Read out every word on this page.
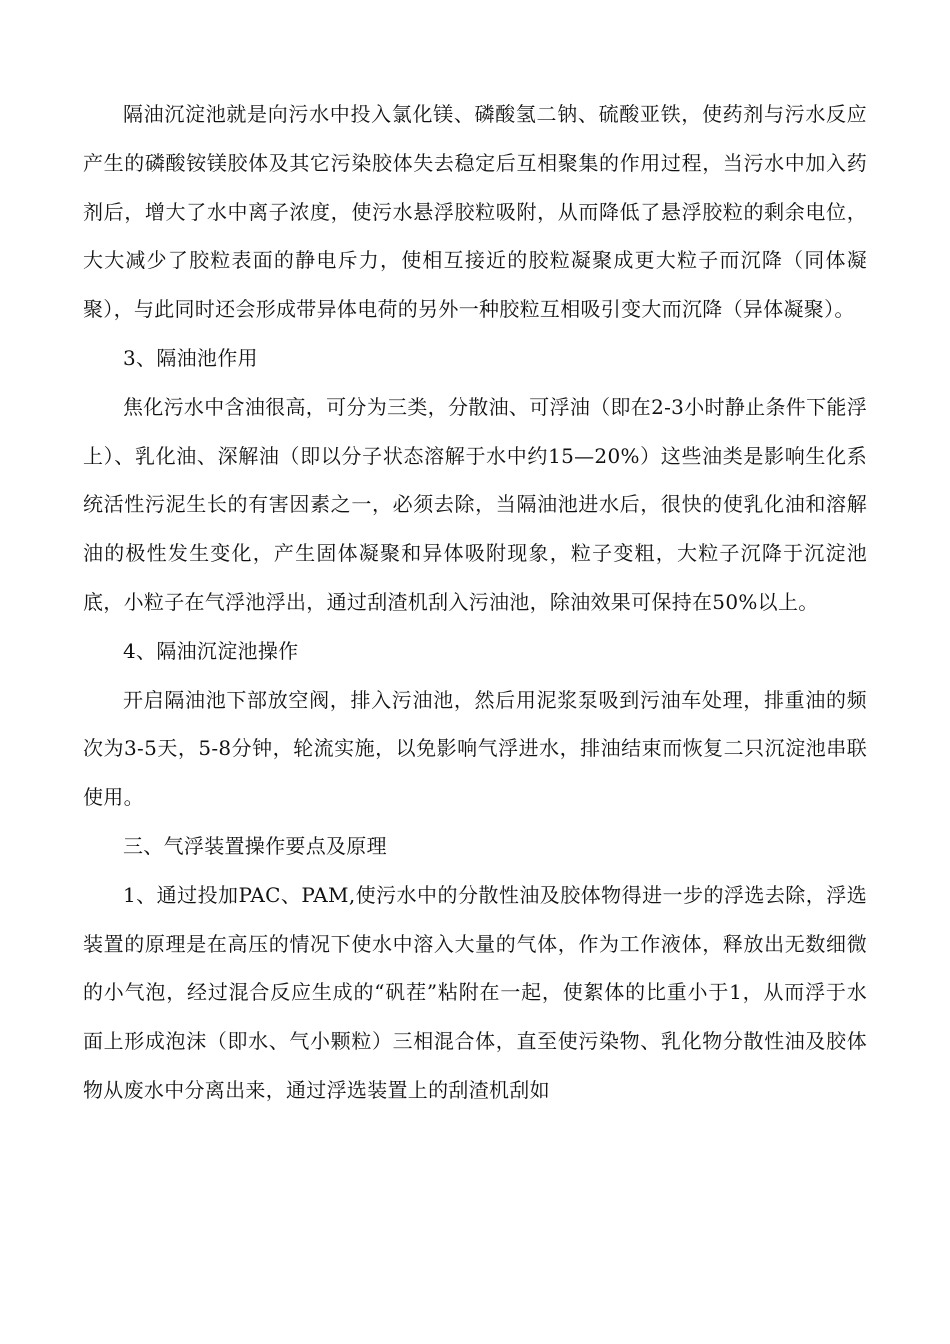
隔油沉淀池就是向污水中投入氯化镁、磷酸氢二钠、硫酸亚铁，使药剂与污水反应产生的磷酸铵镁胶体及其它污染胶体失去稳定后互相聚集的作用过程，当污水中加入药剂后，增大了水中离子浓度，使污水悬浮胶粒吸附，从而降低了悬浮胶粒的剩余电位，大大减少了胶粒表面的静电斥力，使相互接近的胶粒凝聚成更大粒子而沉降（同体凝聚），与此同时还会形成带异体电荷的另外一种胶粒互相吸引变大而沉降（异体凝聚）。

3、隔油池作用

焦化污水中含油很高，可分为三类，分散油、可浮油（即在2-3小时静止条件下能浮上）、乳化油、深解油（即以分子状态溶解于水中约15—20%）这些油类是影响生化系统活性污泥生长的有害因素之一，必须去除，当隔油池进水后，很快的使乳化油和溶解油的极性发生变化，产生固体凝聚和异体吸附现象，粒子变粗，大粒子沉降于沉淀池底，小粒子在气浮池浮出，通过刮渣机刮入污油池，除油效果可保持在50%以上。

4、隔油沉淀池操作

开启隔油池下部放空阀，排入污油池，然后用泥浆泵吸到污油车处理，排重油的频次为3-5天，5-8分钟，轮流实施，以免影响气浮进水，排油结束而恢复二只沉淀池串联使用。

三、气浮装置操作要点及原理

1、通过投加PAC、PAM,使污水中的分散性油及胶体物得进一步的浮选去除，浮选装置的原理是在高压的情况下使水中溶入大量的气体，作为工作液体，释放出无数细微的小气泡，经过混合反应生成的“矾茬”粘附在一起，使絮体的比重小于1，从而浮于水面上形成泡沫（即水、气小颗粒）三相混合体，直至使污染物、乳化物分散性油及胶体物从废水中分离出来，通过浮选装置上的刮渣机刮如
